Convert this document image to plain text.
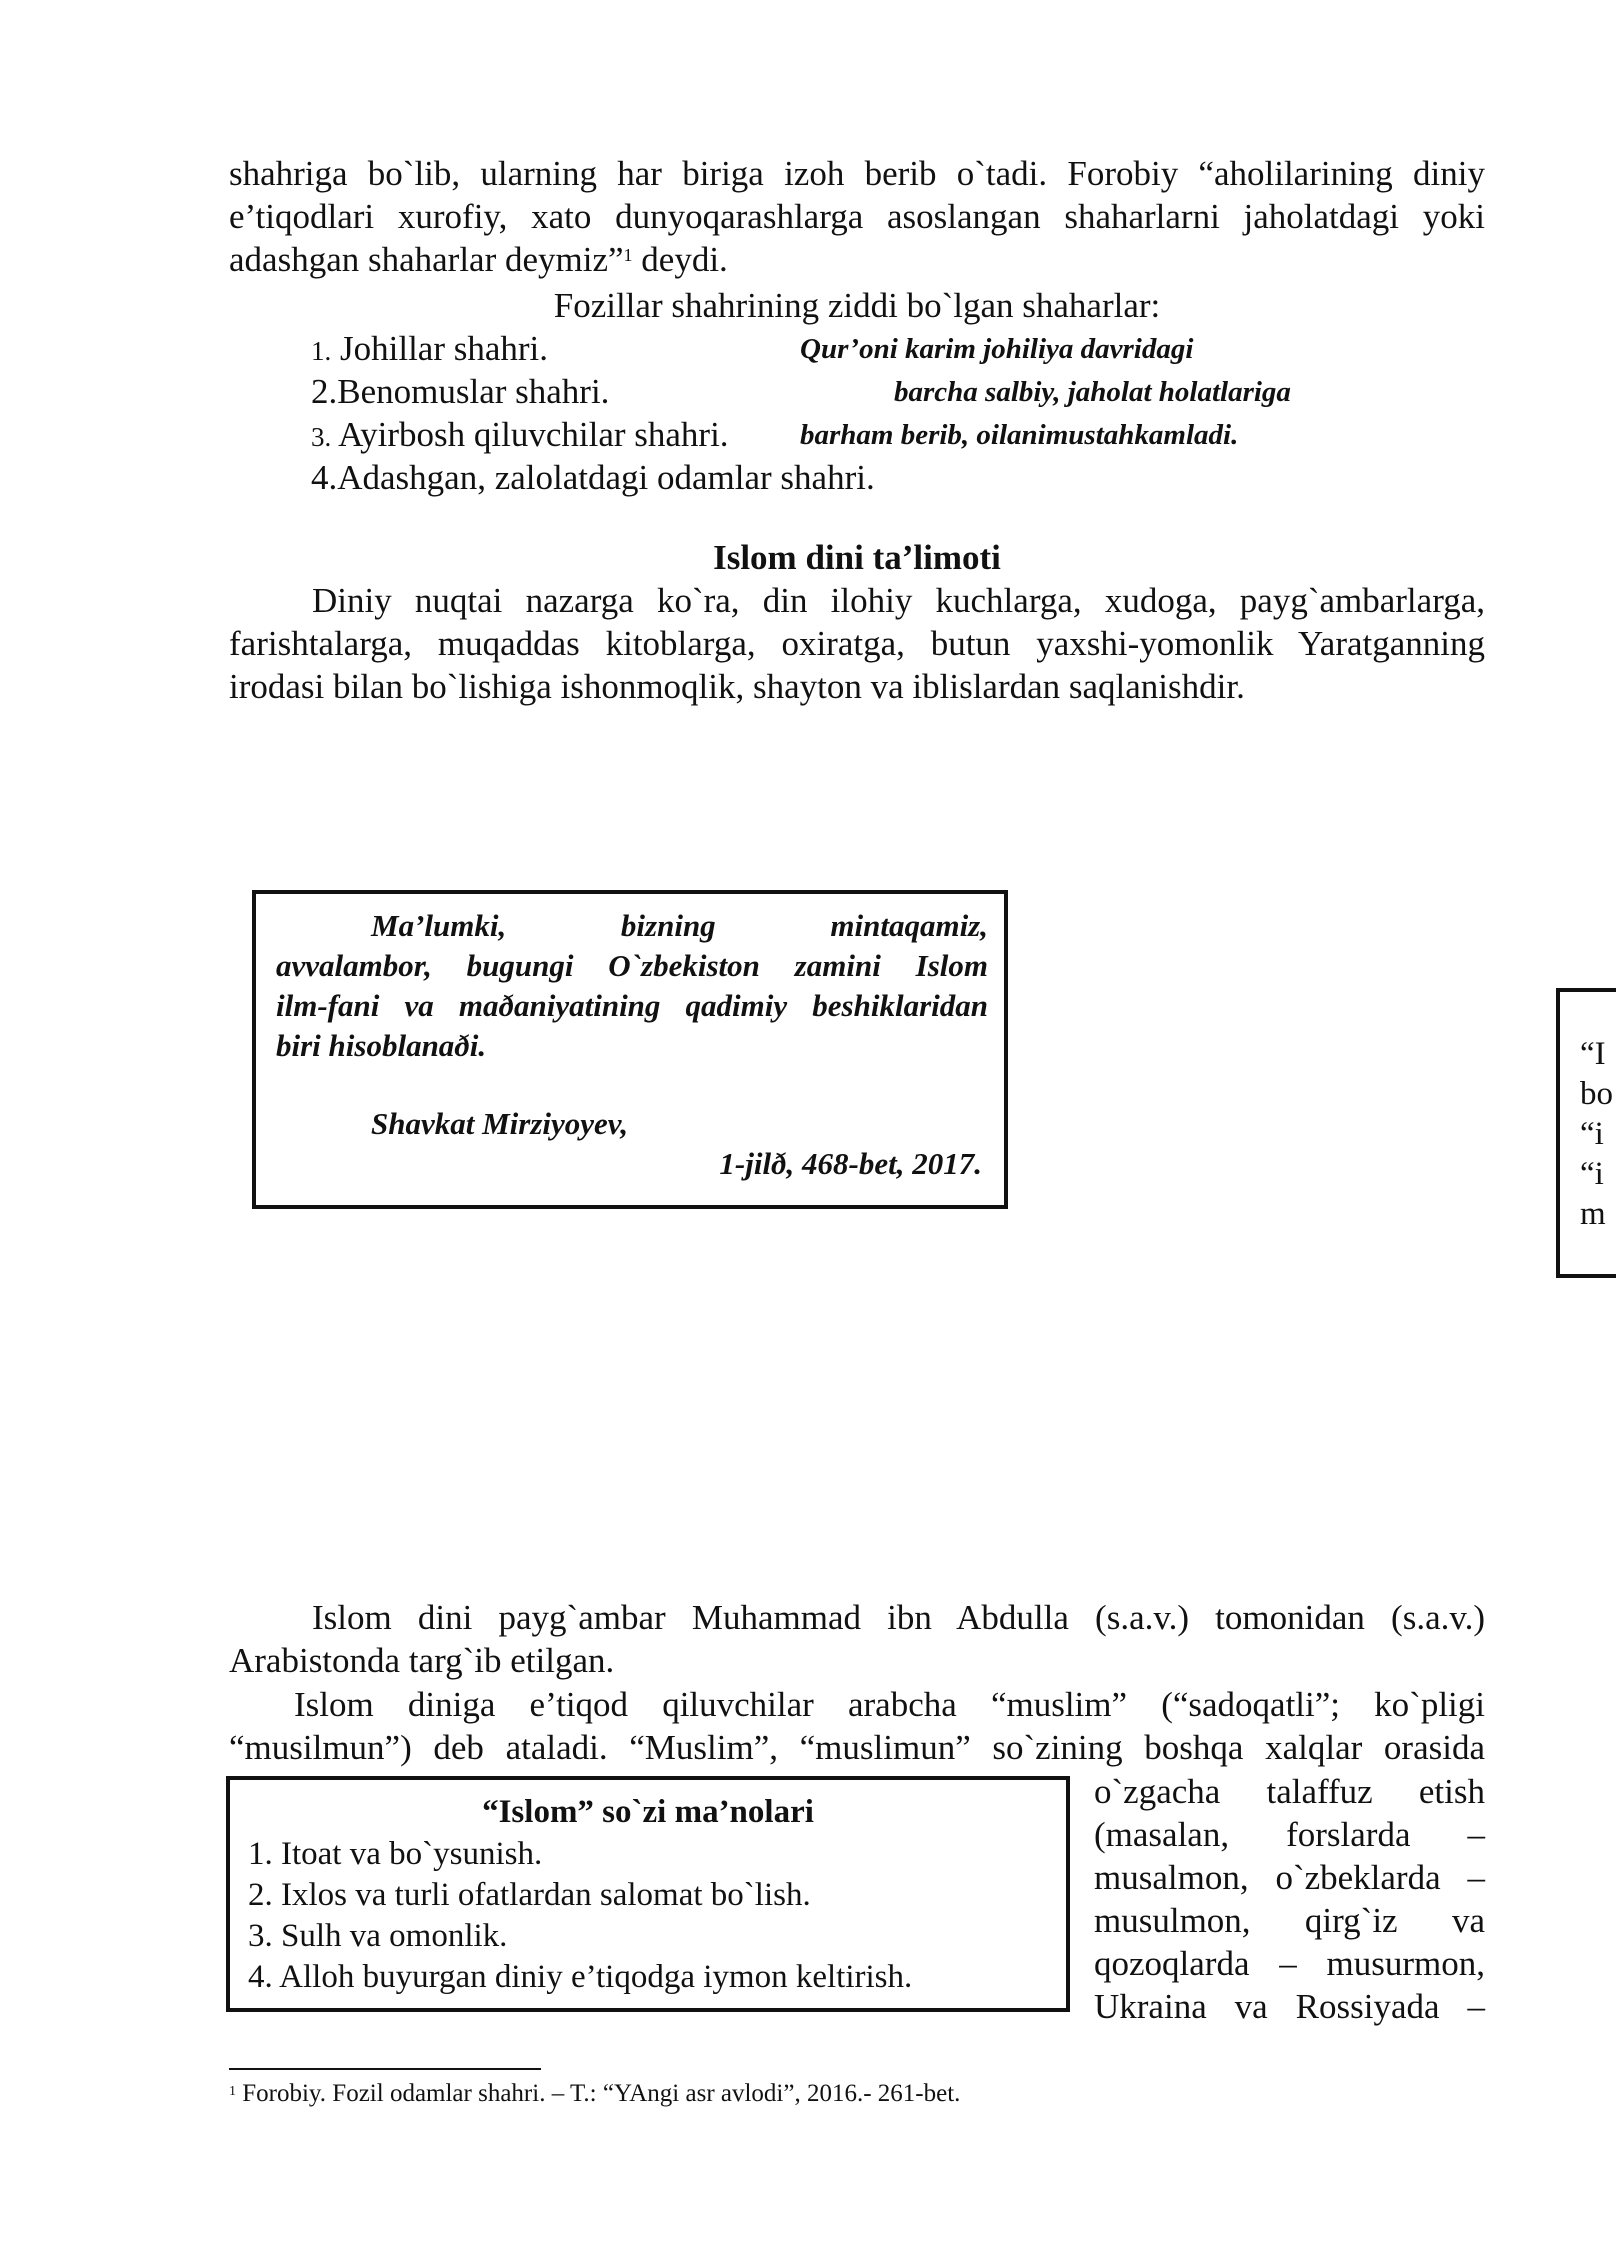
shahriga bo`lib, ularning har biriga izoh berib o`tadi. Forobiy “aholilarining diniy
e’tiqodlari xurofiy, xato dunyoqarashlarga asoslangan shaharlarni jaholatdagi yoki
adashgan shaharlar deymiz”$^1$ deydi.
Fozillar shahrining ziddi bo`lgan shaharlar:
1. Johillar shahri.
2.Benomuslar shahri.
3. Ayirbosh qiluvchilar shahri.
4.Adashgan, zalolatdagi odamlar shahri.
Qur’oni karim johiliya davridagi
barcha salbiy, jaholat holatlariga
barham berib, oilanimustahkamladi.
Islom dini ta’limoti
Diniy nuqtai nazarga ko`ra, din ilohiy kuchlarga, xudoga, payg`ambarlarga,
farishtalarga, muqaddas kitoblarga, oxiratga, butun yaxshi-yomonlik Yaratganning
irodasi bilan bo`lishiga ishonmoqlik, shayton va iblislardan saqlanishdir.
Ma’lumki, bizning mintaqamiz,
avvalambor, bugungi O`zbekiston zamini Islom
ilm-fani va maðaniyatining qadimiy beshiklaridan
biri hisoblanaði.
Shavkat Mirziyoyev,
1-jilð, 468-bet, 2017.
“I
bo
“i
“i
m
Islom dini payg`ambar Muhammad ibn Abdulla (s.a.v.) tomonidan (s.a.v.)
Arabistonda targ`ib etilgan.
Islom diniga e’tiqod qiluvchilar arabcha “muslim” (“sadoqatli”; ko`pligi
“musilmun”) deb ataladi. “Muslim”, “muslimun” so`zining boshqa xalqlar orasida
“Islom” so`zi ma’nolari
1. Itoat va bo`ysunish.
2. Ixlos va turli ofatlardan salomat bo`lish.
3. Sulh va omonlik.
4. Alloh buyurgan diniy e’tiqodga iymon keltirish.
o`zgacha talaffuz etish
(masalan, forslarda –
musalmon, o`zbeklarda –
musulmon, qirg`iz va
qozoqlarda – musurmon,
Ukraina va Rossiyada –
$^1$ Forobiy. Fozil odamlar shahri. – T.: “YAngi asr avlodi”, 2016.- 261-bet.
